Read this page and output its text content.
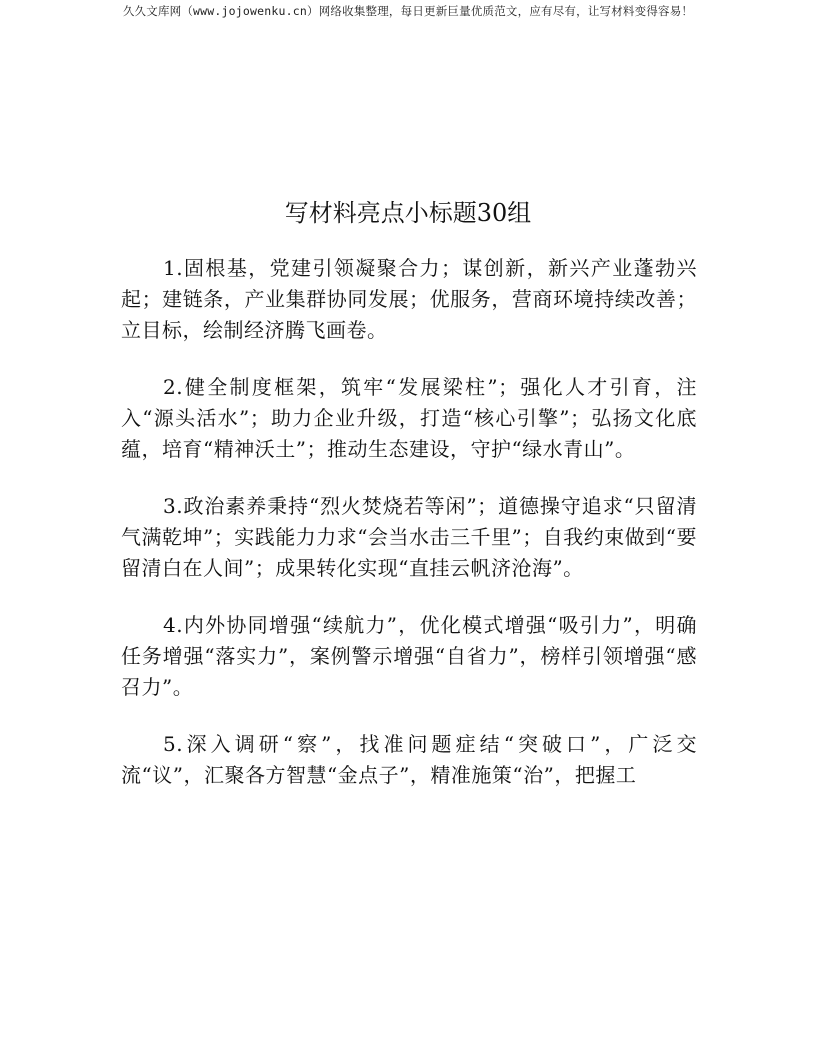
久久文库网（www.jojowenku.cn）网络收集整理，每日更新巨量优质范文，应有尽有，让写材料变得容易！
写材料亮点小标题30组

1.固根基，党建引领凝聚合力；谋创新，新兴产业蓬勃兴起；建链条，产业集群协同发展；优服务，营商环境持续改善；立目标，绘制经济腾飞画卷。

2.健全制度框架，筑牢“发展梁柱”；强化人才引育，注入“源头活水”；助力企业升级，打造“核心引擎”；弘扬文化底蕴，培育“精神沃土”；推动生态建设，守护“绿水青山”。

3.政治素养秉持“烈火焚烧若等闲”；道德操守追求“只留清气满乾坤”；实践能力力求“会当水击三千里”；自我约束做到“要留清白在人间”；成果转化实现“直挂云帆济沧海”。

4.内外协同增强“续航力”，优化模式增强“吸引力”，明确任务增强“落实力”，案例警示增强“自省力”，榜样引领增强“感召力”。

5.深入调研“察”，找准问题症结“突破口”，广泛交流“议”，汇聚各方智慧“金点子”，精准施策“治”，把握工
